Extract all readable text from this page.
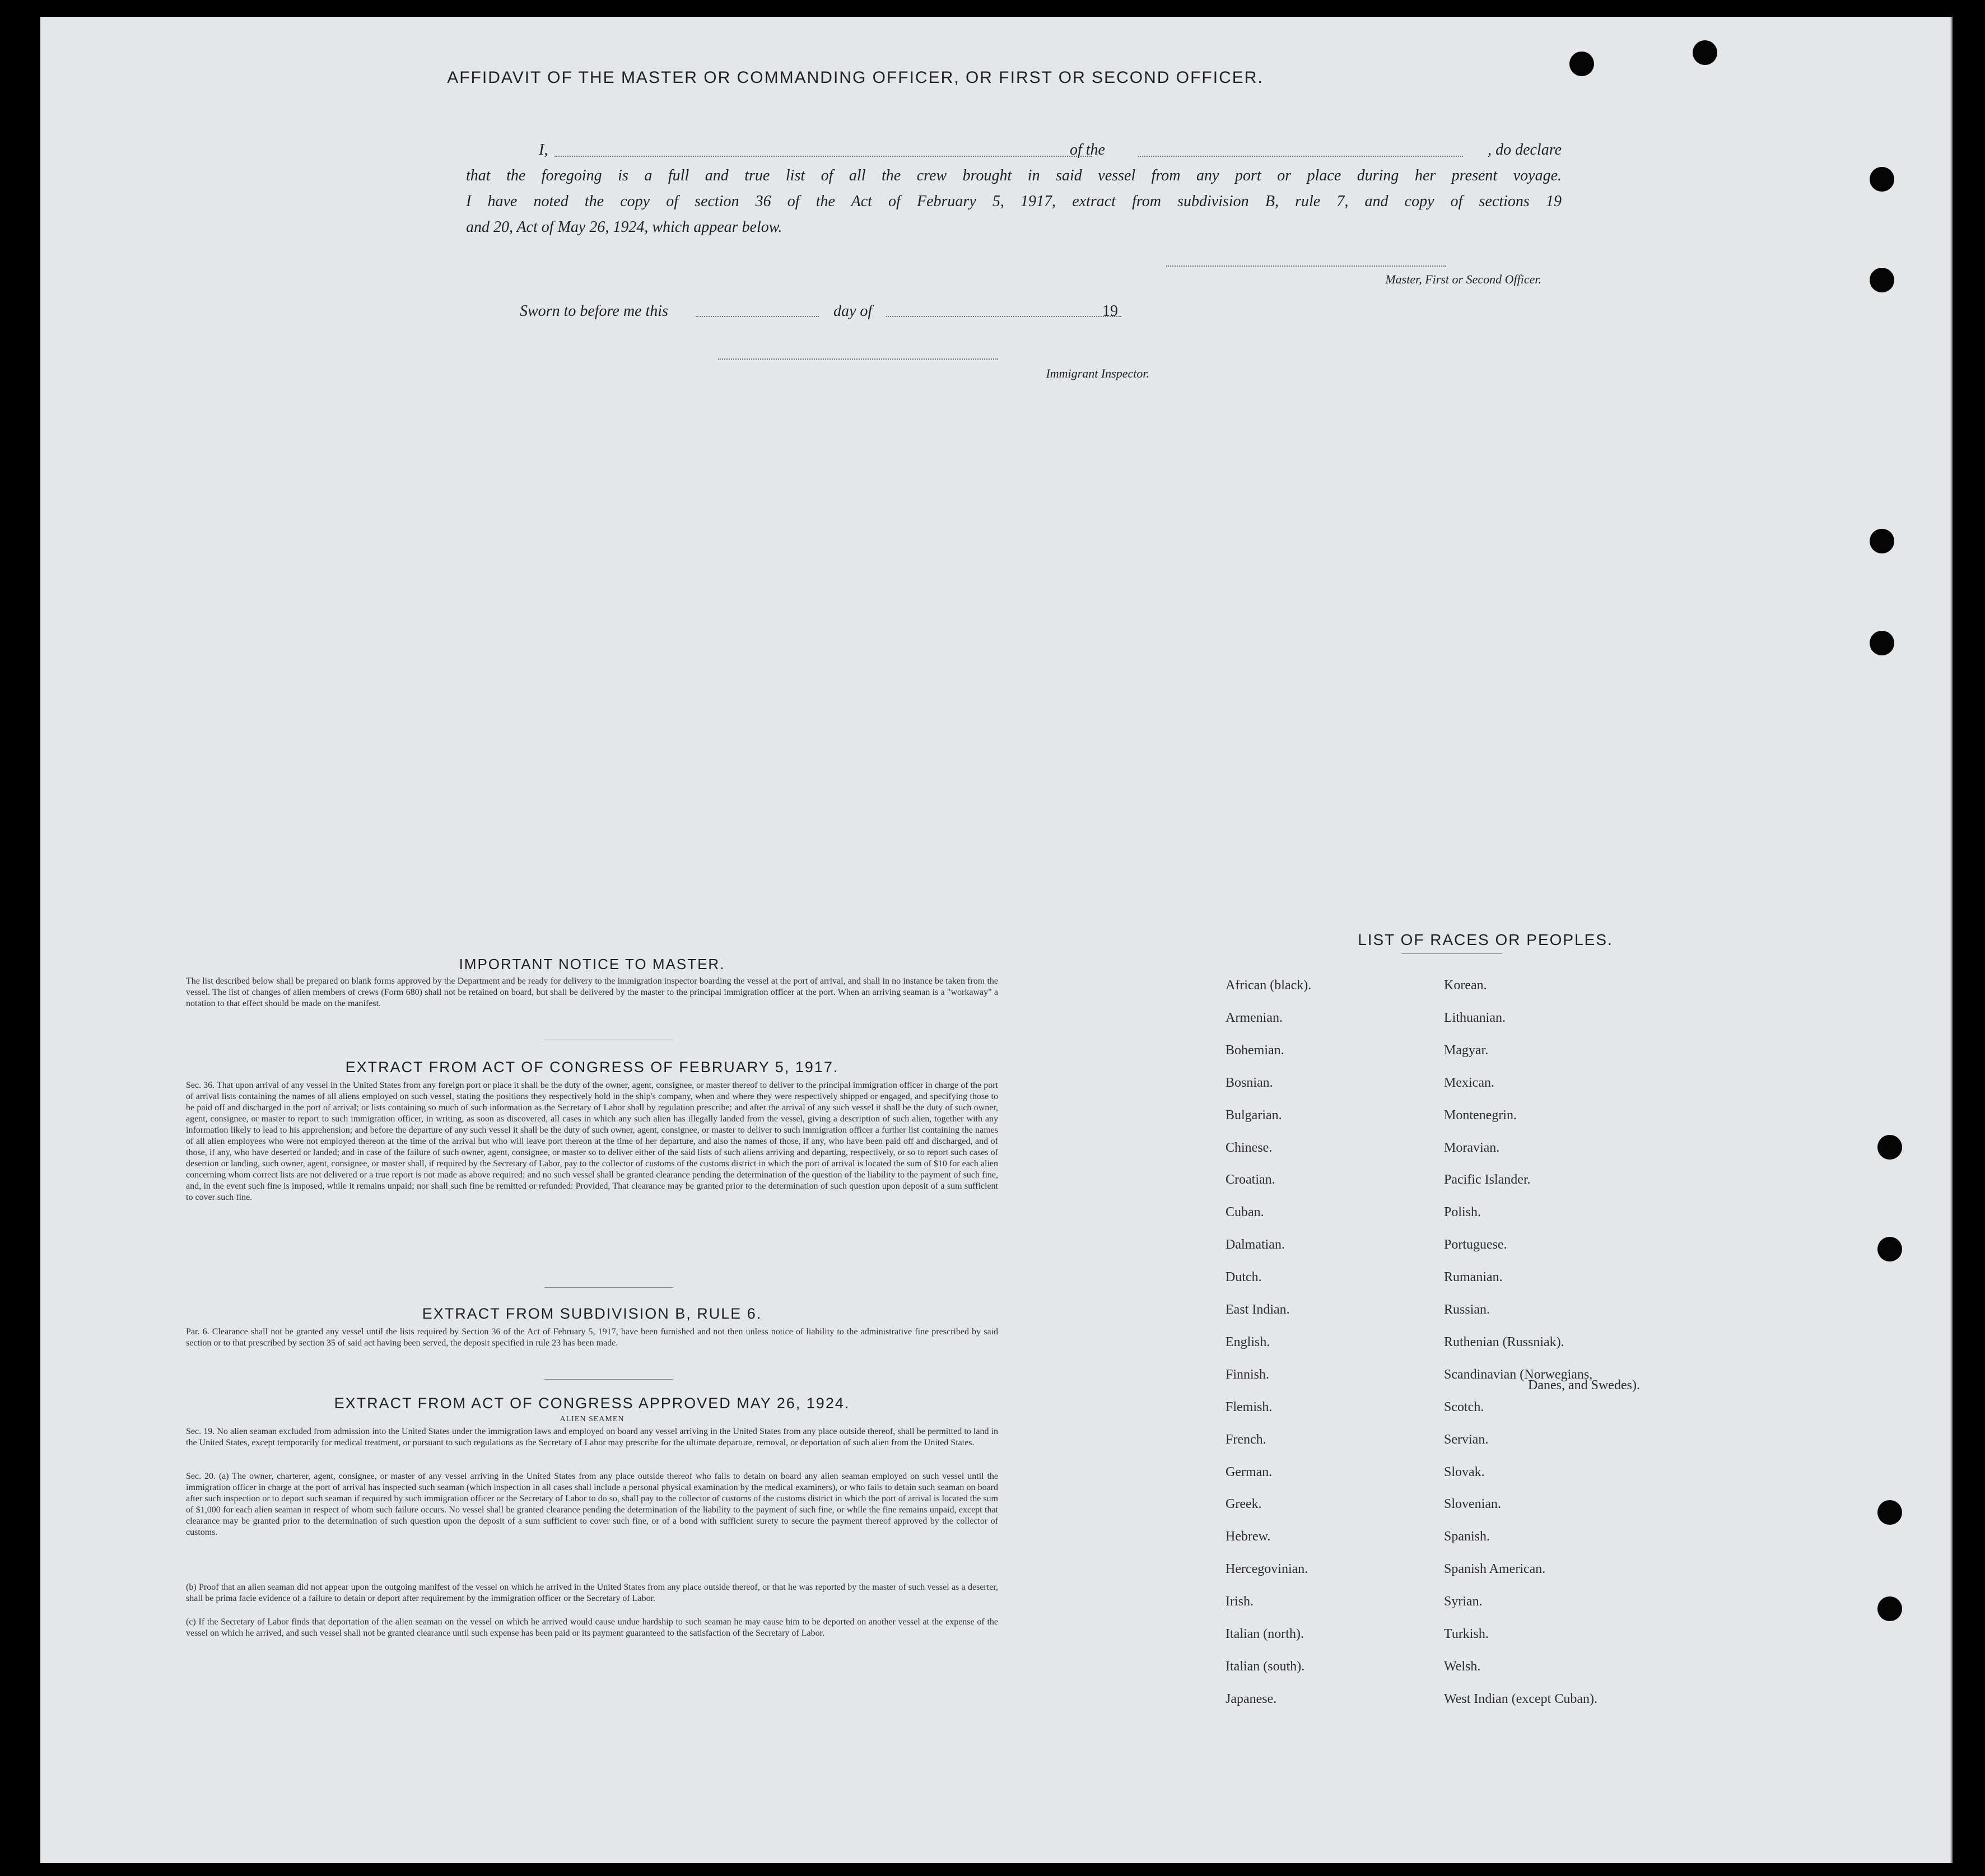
AFFIDAVIT OF THE MASTER OR COMMANDING OFFICER, OR FIRST OR SECOND OFFICER.
I,	of the	, do declare
that the foregoing is a full and true list of all the crew brought in said vessel from any port or place during her present voyage.
I have noted the copy of section 36 of the Act of February 5, 1917, extract from subdivision B, rule 7, and copy of sections 19
and 20, Act of May 26, 1924, which appear below.
Master, First or Second Officer.
Sworn to before me this	day of	19
Immigrant Inspector.
IMPORTANT NOTICE TO MASTER.
The list described below shall be prepared on blank forms approved by the Department and be ready for delivery to the immigration inspector boarding the vessel at the port of arrival, and shall in no instance be taken from the vessel. The list of changes of alien members of crews (Form 680) shall not be retained on board, but shall be delivered by the master to the principal immigration officer at the port. When an arriving seaman is a "workaway" a notation to that effect should be made on the manifest.
EXTRACT FROM ACT OF CONGRESS OF FEBRUARY 5, 1917.
Sec. 36. That upon arrival of any vessel in the United States from any foreign port or place it shall be the duty of the owner, agent, consignee, or master thereof to deliver to the principal immigration officer in charge of the port of arrival lists containing the names of all aliens employed on such vessel, stating the positions they respectively hold in the ship's company, when and where they were respectively shipped or engaged, and specifying those to be paid off and discharged in the port of arrival; or lists containing so much of such information as the Secretary of Labor shall by regulation prescribe; and after the arrival of any such vessel it shall be the duty of such owner, agent, consignee, or master to report to such immigration officer, in writing, as soon as discovered, all cases in which any such alien has illegally landed from the vessel, giving a description of such alien, together with any information likely to lead to his apprehension; and before the departure of any such vessel it shall be the duty of such owner, agent, consignee, or master to deliver to such immigration officer a further list containing the names of all alien employees who were not employed thereon at the time of the arrival but who will leave port thereon at the time of her departure, and also the names of those, if any, who have been paid off and discharged, and of those, if any, who have deserted or landed; and in case of the failure of such owner, agent, consignee, or master so to deliver either of the said lists of such aliens arriving and departing, respectively, or so to report such cases of desertion or landing, such owner, agent, consignee, or master shall, if required by the Secretary of Labor, pay to the collector of customs of the customs district in which the port of arrival is located the sum of $10 for each alien concerning whom correct lists are not delivered or a true report is not made as above required; and no such vessel shall be granted clearance pending the determination of the question of the liability to the payment of such fine, and, in the event such fine is imposed, while it remains unpaid; nor shall such fine be remitted or refunded: Provided, That clearance may be granted prior to the determination of such question upon deposit of a sum sufficient to cover such fine.
EXTRACT FROM SUBDIVISION B, RULE 6.
Par. 6. Clearance shall not be granted any vessel until the lists required by Section 36 of the Act of February 5, 1917, have been furnished and not then unless notice of liability to the administrative fine prescribed by said section or to that prescribed by section 35 of said act having been served, the deposit specified in rule 23 has been made.
EXTRACT FROM ACT OF CONGRESS APPROVED MAY 26, 1924.
ALIEN SEAMEN
Sec. 19. No alien seaman excluded from admission into the United States under the immigration laws and employed on board any vessel arriving in the United States from any place outside thereof, shall be permitted to land in the United States, except temporarily for medical treatment, or pursuant to such regulations as the Secretary of Labor may prescribe for the ultimate departure, removal, or deportation of such alien from the United States.
Sec. 20. (a) The owner, charterer, agent, consignee, or master of any vessel arriving in the United States from any place outside thereof who fails to detain on board any alien seaman employed on such vessel until the immigration officer in charge at the port of arrival has inspected such seaman (which inspection in all cases shall include a personal physical examination by the medical examiners), or who fails to detain such seaman on board after such inspection or to deport such seaman if required by such immigration officer or the Secretary of Labor to do so, shall pay to the collector of customs of the customs district in which the port of arrival is located the sum of $1,000 for each alien seaman in respect of whom such failure occurs. No vessel shall be granted clearance pending the determination of the liability to the payment of such fine, or while the fine remains unpaid, except that clearance may be granted prior to the determination of such question upon the deposit of a sum sufficient to cover such fine, or of a bond with sufficient surety to secure the payment thereof approved by the collector of customs.
(b) Proof that an alien seaman did not appear upon the outgoing manifest of the vessel on which he arrived in the United States from any place outside thereof, or that he was reported by the master of such vessel as a deserter, shall be prima facie evidence of a failure to detain or deport after requirement by the immigration officer or the Secretary of Labor.
(c) If the Secretary of Labor finds that deportation of the alien seaman on the vessel on which he arrived would cause undue hardship to such seaman he may cause him to be deported on another vessel at the expense of the vessel on which he arrived, and such vessel shall not be granted clearance until such expense has been paid or its payment guaranteed to the satisfaction of the Secretary of Labor.
LIST OF RACES OR PEOPLES.
African (black).
Armenian.
Bohemian.
Bosnian.
Bulgarian.
Chinese.
Croatian.
Cuban.
Dalmatian.
Dutch.
East Indian.
English.
Finnish.
Flemish.
French.
German.
Greek.
Hebrew.
Hercegovinian.
Irish.
Italian (north).
Italian (south).
Japanese.
Korean.
Lithuanian.
Magyar.
Mexican.
Montenegrin.
Moravian.
Pacific Islander.
Polish.
Portuguese.
Rumanian.
Russian.
Ruthenian (Russniak).
Scandinavian (Norwegians,
Scotch.
Servian.
Slovak.
Slovenian.
Spanish.
Spanish American.
Syrian.
Turkish.
Welsh.
West Indian (except Cuban).
Danes, and Swedes).
